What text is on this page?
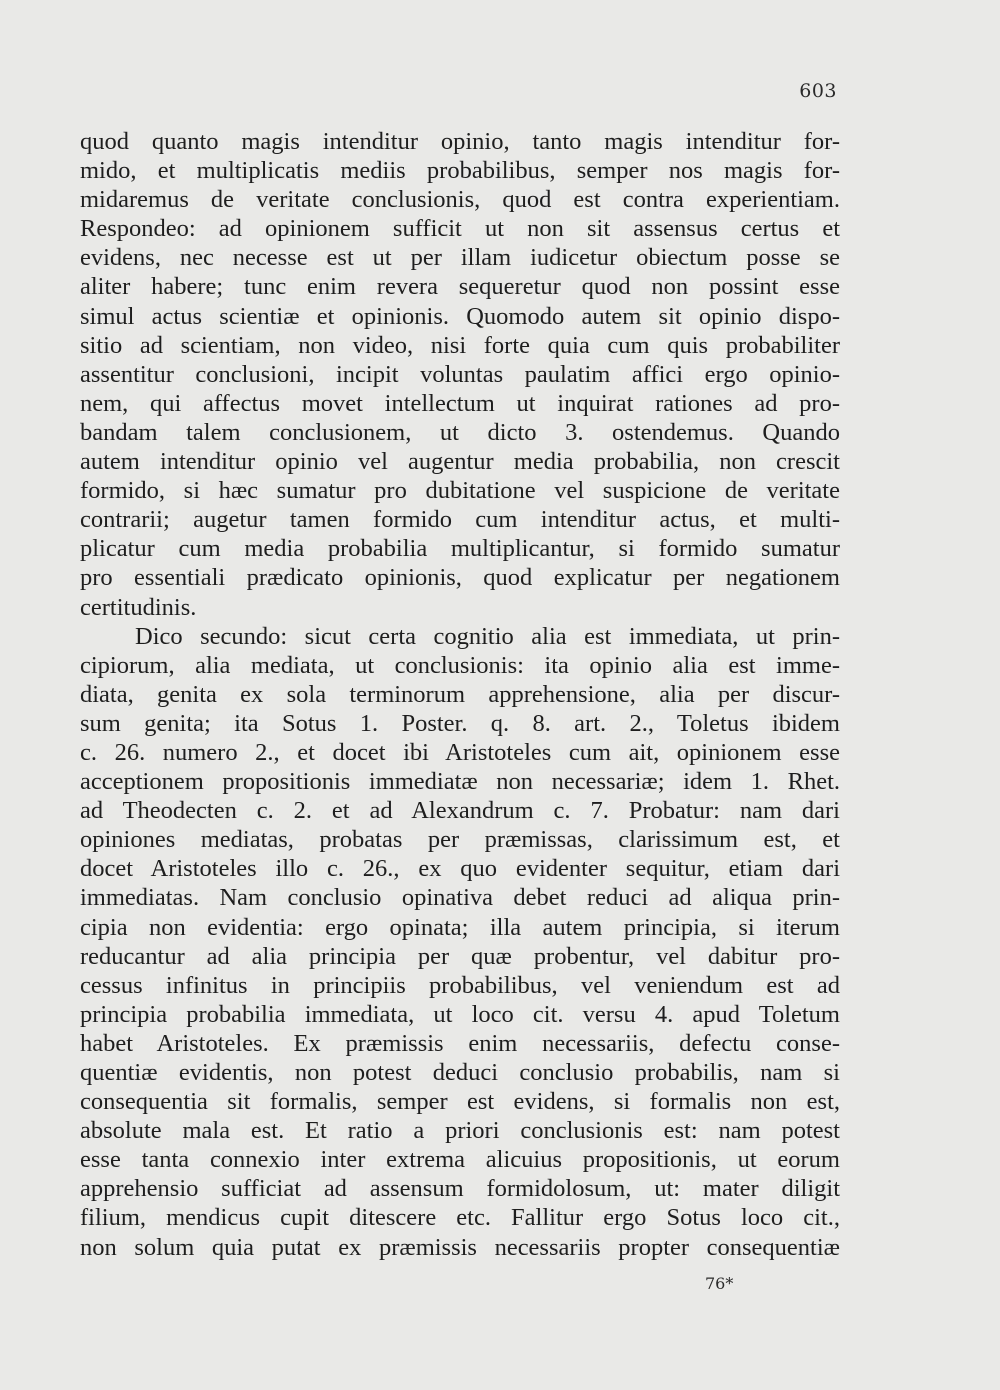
603
quod quanto magis intenditur opinio, tanto magis intenditur for-
mido, et multiplicatis mediis probabilibus, semper nos magis for-
midaremus de veritate conclusionis, quod est contra experientiam.
Respondeo: ad opinionem sufficit ut non sit assensus certus et
evidens, nec necesse est ut per illam iudicetur obiectum posse se
aliter habere; tunc enim revera sequeretur quod non possint esse
simul actus scientiæ et opinionis. Quomodo autem sit opinio dispo-
sitio ad scientiam, non video, nisi forte quia cum quis probabiliter
assentitur conclusioni, incipit voluntas paulatim affici ergo opinio-
nem, qui affectus movet intellectum ut inquirat rationes ad pro-
bandam talem conclusionem, ut dicto 3. ostendemus. Quando
autem intenditur opinio vel augentur media probabilia, non crescit
formido, si hæc sumatur pro dubitatione vel suspicione de veritate
contrarii; augetur tamen formido cum intenditur actus, et multi-
plicatur cum media probabilia multiplicantur, si formido sumatur
pro essentiali prædicato opinionis, quod explicatur per negationem
certitudinis.
Dico secundo: sicut certa cognitio alia est immediata, ut prin-
cipiorum, alia mediata, ut conclusionis: ita opinio alia est imme-
diata, genita ex sola terminorum apprehensione, alia per discur-
sum genita; ita Sotus 1. Poster. q. 8. art. 2., Toletus ibidem
c. 26. numero 2., et docet ibi Aristoteles cum ait, opinionem esse
acceptionem propositionis immediatæ non necessariæ; idem 1. Rhet.
ad Theodecten c. 2. et ad Alexandrum c. 7. Probatur: nam dari
opiniones mediatas, probatas per præmissas, clarissimum est, et
docet Aristoteles illo c. 26., ex quo evidenter sequitur, etiam dari
immediatas. Nam conclusio opinativa debet reduci ad aliqua prin-
cipia non evidentia: ergo opinata; illa autem principia, si iterum
reducantur ad alia principia per quæ probentur, vel dabitur pro-
cessus infinitus in principiis probabilibus, vel veniendum est ad
principia probabilia immediata, ut loco cit. versu 4. apud Toletum
habet Aristoteles. Ex præmissis enim necessariis, defectu conse-
quentiæ evidentis, non potest deduci conclusio probabilis, nam si
consequentia sit formalis, semper est evidens, si formalis non est,
absolute mala est. Et ratio a priori conclusionis est: nam potest
esse tanta connexio inter extrema alicuius propositionis, ut eorum
apprehensio sufficiat ad assensum formidolosum, ut: mater diligit
filium, mendicus cupit ditescere etc. Fallitur ergo Sotus loco cit.,
non solum quia putat ex præmissis necessariis propter consequentiæ
76*
